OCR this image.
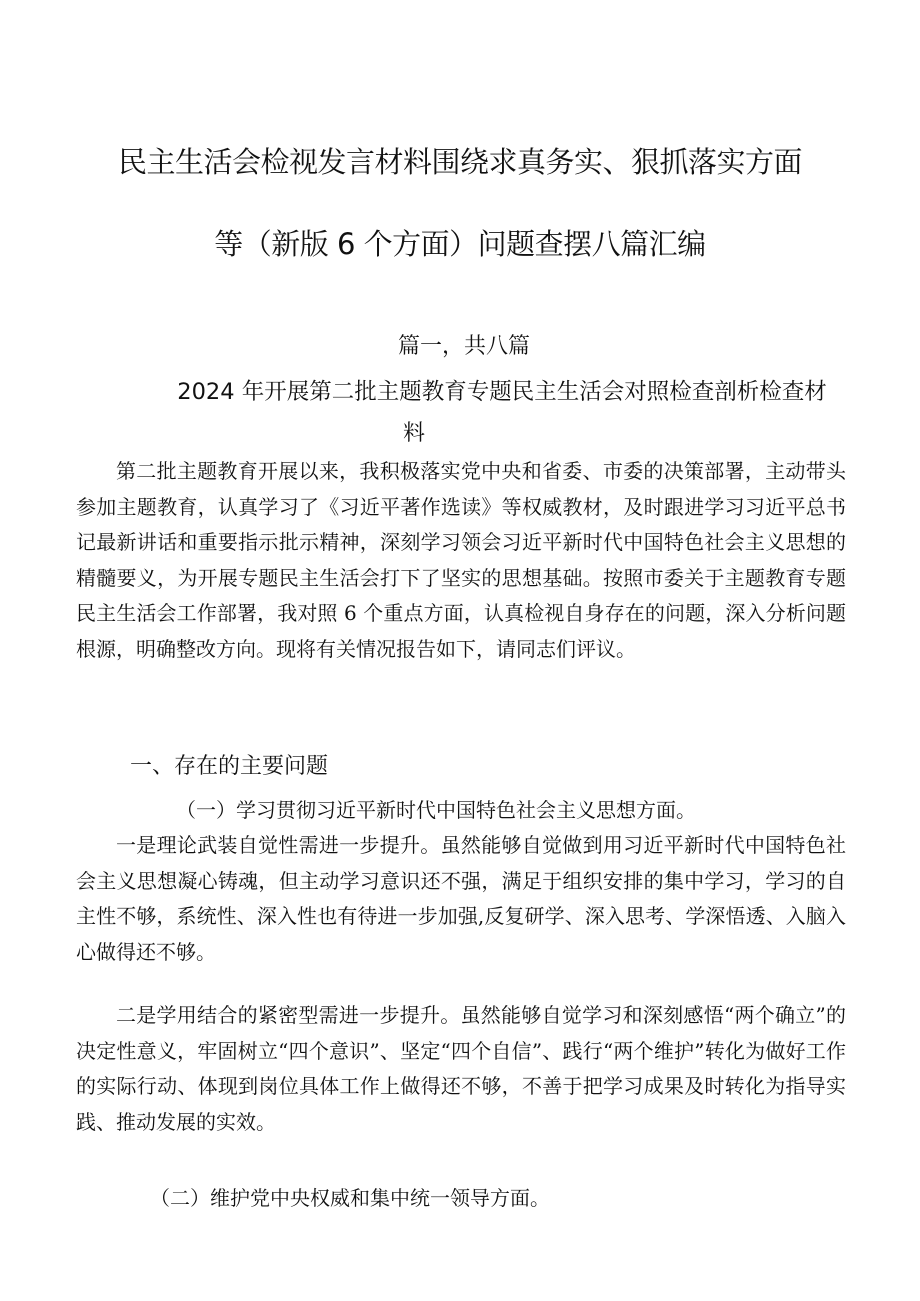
民主生活会检视发言材料围绕求真务实、狠抓落实方面
等（新版 6 个方面）问题查摆八篇汇编
篇一，共八篇
2024 年开展第二批主题教育专题民主生活会对照检查剖析检查材
料

第二批主题教育开展以来，我积极落实党中央和省委、市委的决策部署，主动带头参加主题教育，认真学习了《习近平著作选读》等权威教材，及时跟进学习习近平总书记最新讲话和重要指示批示精神，深刻学习领会习近平新时代中国特色社会主义思想的精髓要义，为开展专题民主生活会打下了坚实的思想基础。按照市委关于主题教育专题民主生活会工作部署，我对照 6 个重点方面，认真检视自身存在的问题，深入分析问题根源，明确整改方向。现将有关情况报告如下，请同志们评议。

一、存在的主要问题
（一）学习贯彻习近平新时代中国特色社会主义思想方面。

一是理论武装自觉性需进一步提升。虽然能够自觉做到用习近平新时代中国特色社会主义思想凝心铸魂，但主动学习意识还不强，满足于组织安排的集中学习，学习的自主性不够，系统性、深入性也有待进一步加强,反复研学、深入思考、学深悟透、入脑入心做得还不够。

二是学用结合的紧密型需进一步提升。虽然能够自觉学习和深刻感悟“两个确立”的决定性意义，牢固树立“四个意识”、坚定“四个自信”、践行“两个维护”转化为做好工作的实际行动、体现到岗位具体工作上做得还不够，不善于把学习成果及时转化为指导实践、推动发展的实效。

（二）维护党中央权威和集中统一领导方面。
